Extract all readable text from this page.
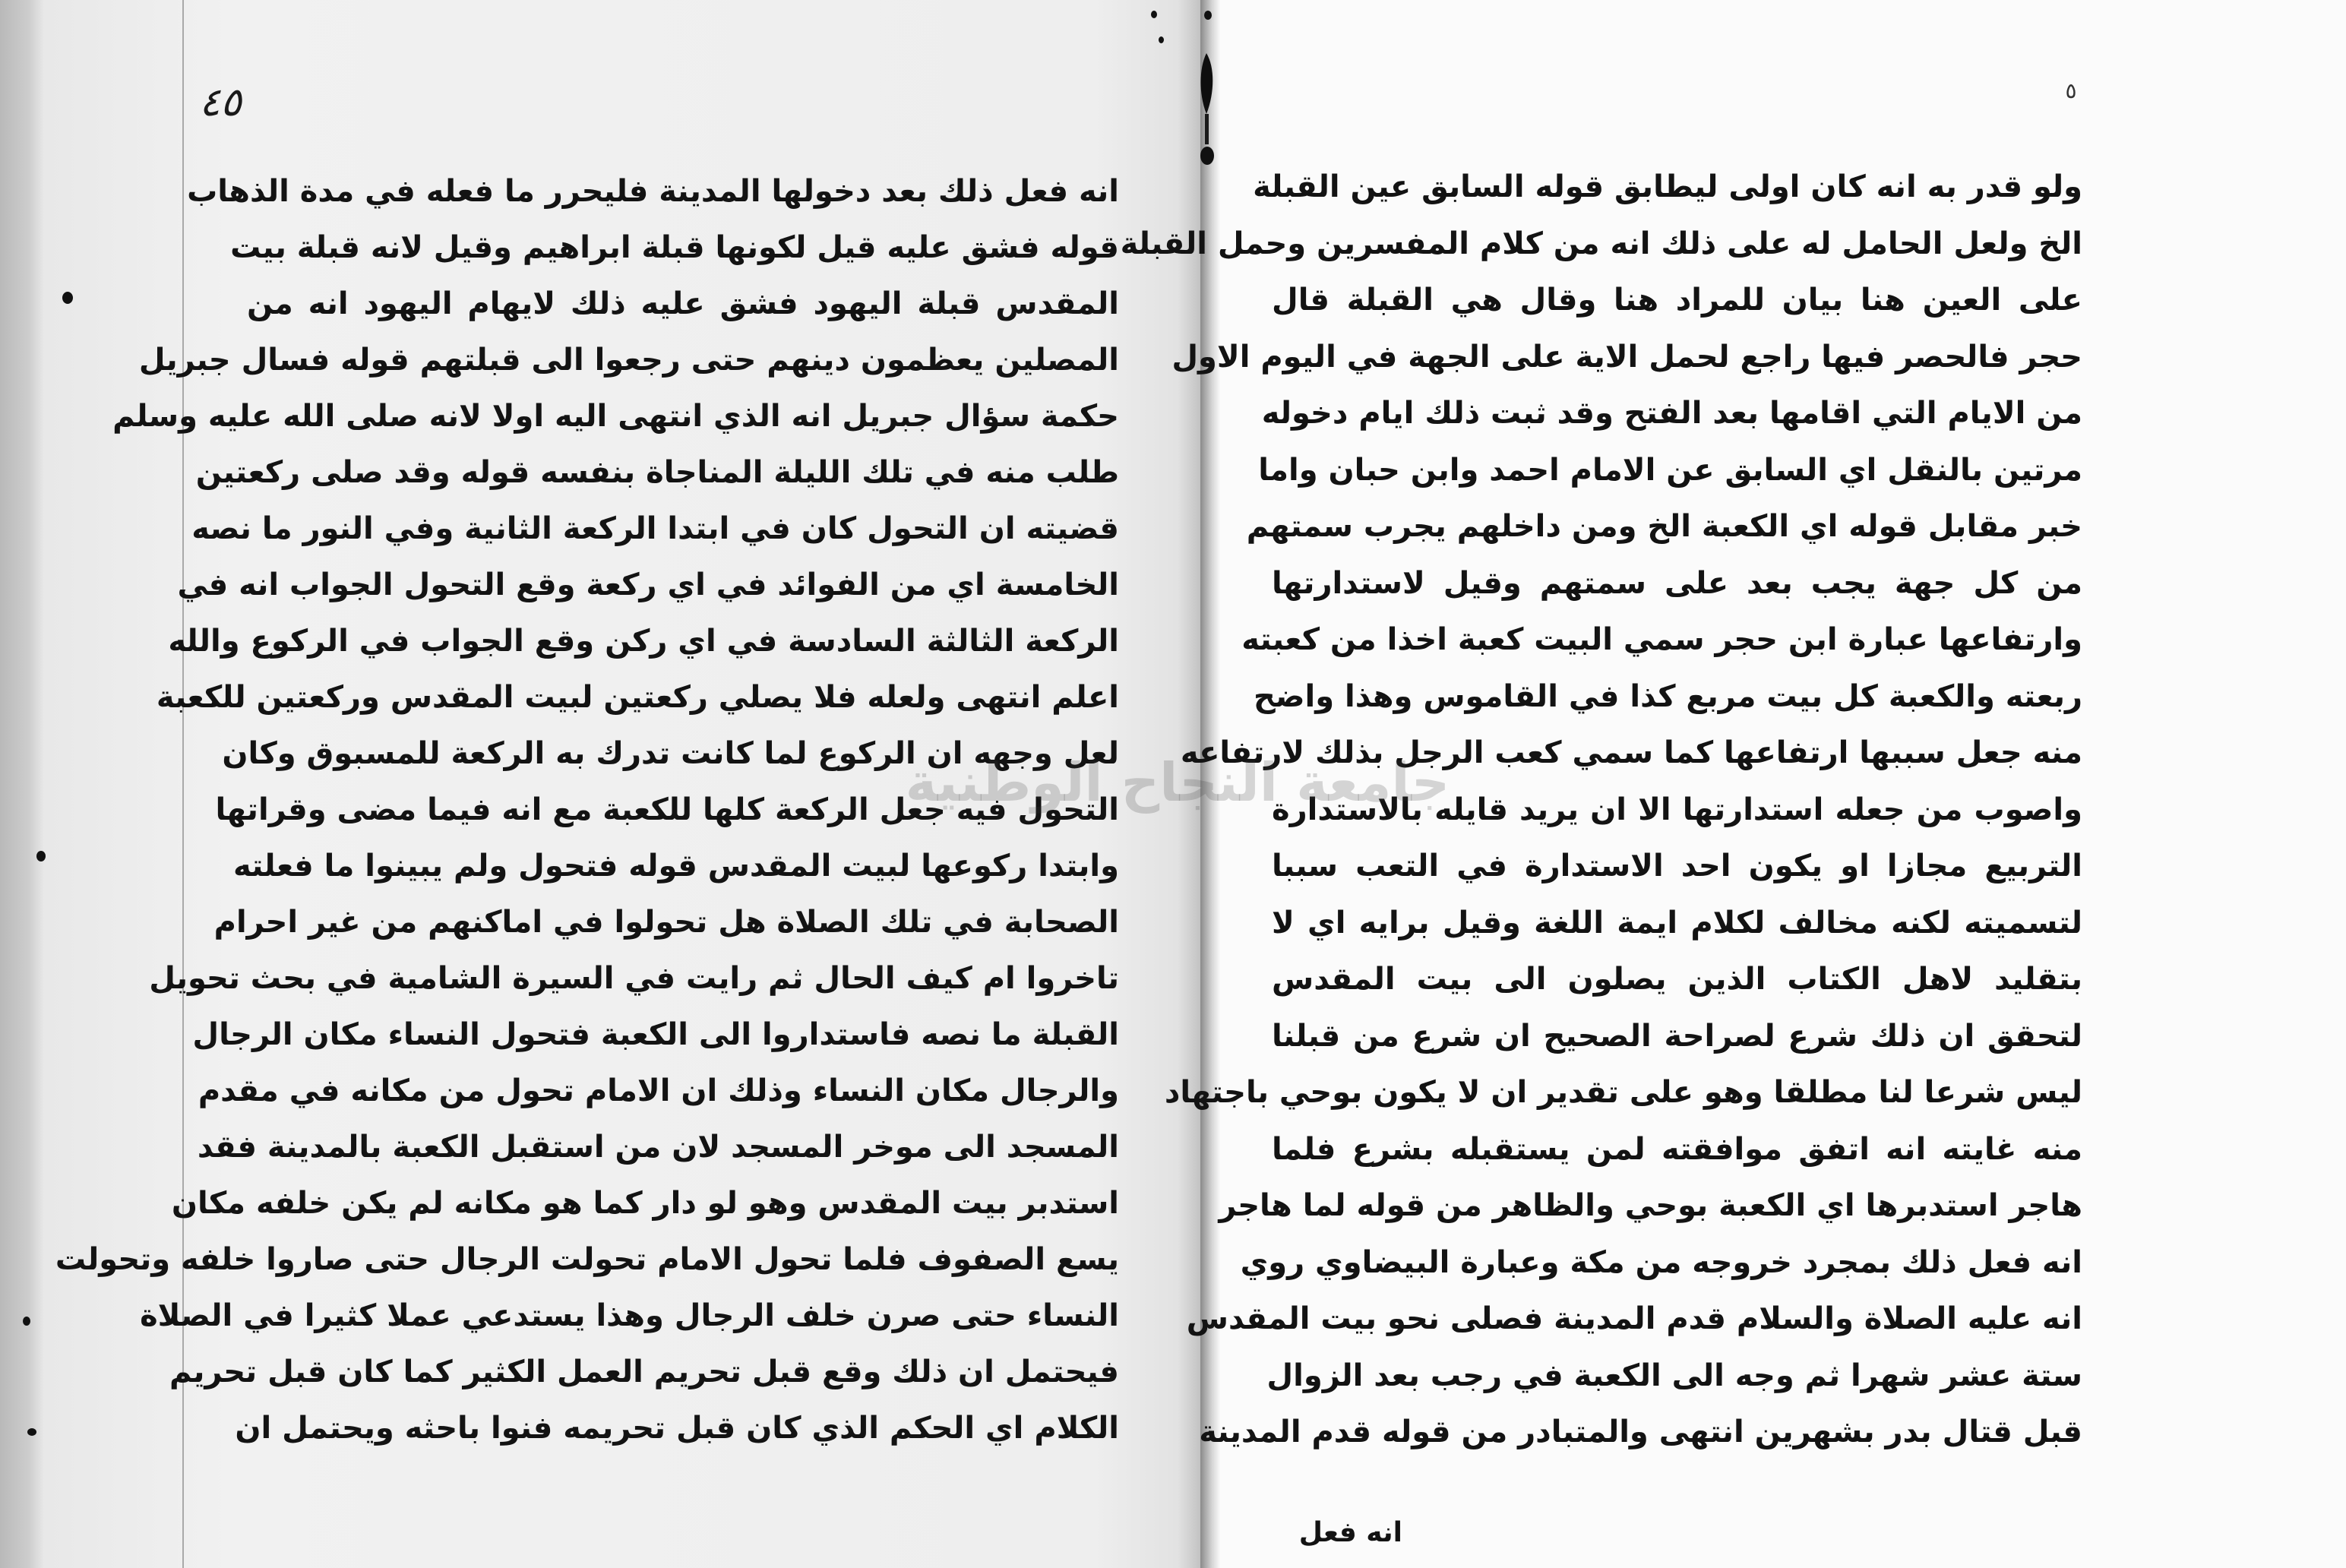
٤٥
انه فعل ذلك بعد دخولها المدينة فليحرر ما فعله في مدة الذهاب
قوله فشق عليه قيل لكونها قبلة ابراهيم وقيل لانه قبلة بيت
المقدس قبلة اليهود فشق عليه ذلك لايهام اليهود انه من
المصلين يعظمون دينهم حتى رجعوا الى قبلتهم قوله فسال جبريل
حكمة سؤال جبريل انه الذي انتهى اليه اولا لانه صلى الله عليه وسلم
طلب منه في تلك الليلة المناجاة بنفسه قوله وقد صلى ركعتين
قضيته ان التحول كان في ابتدا الركعة الثانية وفي النور ما نصه
الخامسة اي من الفوائد في اي ركعة وقع التحول الجواب انه في
الركعة الثالثة السادسة في اي ركن وقع الجواب في الركوع والله
اعلم انتهى ولعله فلا يصلي ركعتين لبيت المقدس وركعتين للكعبة
لعل وجهه ان الركوع لما كانت تدرك به الركعة للمسبوق وكان
التحول فيه جعل الركعة كلها للكعبة مع انه فيما مضى وقراتها
وابتدا ركوعها لبيت المقدس قوله فتحول ولم يبينوا ما فعلته
الصحابة في تلك الصلاة هل تحولوا في اماكنهم من غير احرام
تاخروا ام كيف الحال ثم رايت في السيرة الشامية في بحث تحويل
القبلة ما نصه فاستداروا الى الكعبة فتحول النساء مكان الرجال
والرجال مكان النساء وذلك ان الامام تحول من مكانه في مقدم
المسجد الى موخر المسجد لان من استقبل الكعبة بالمدينة فقد
استدبر بيت المقدس وهو لو دار كما هو مكانه لم يكن خلفه مكان
يسع الصفوف فلما تحول الامام تحولت الرجال حتى صاروا خلفه وتحولت
النساء حتى صرن خلف الرجال وهذا يستدعي عملا كثيرا في الصلاة
فيحتمل ان ذلك وقع قبل تحريم العمل الكثير كما كان قبل تحريم
الكلام اي الحكم الذي كان قبل تحريمه فنوا باحثه ويحتمل ان
٥
ولو قدر به انه كان اولى ليطابق قوله السابق عين القبلة
الخ ولعل الحامل له على ذلك انه من كلام المفسرين وحمل القبلة
على العين هنا بيان للمراد هنا وقال هي القبلة قال
حجر فالحصر فيها راجع لحمل الاية على الجهة في اليوم الاول
من الايام التي اقامها بعد الفتح وقد ثبت ذلك ايام دخوله
مرتين بالنقل اي السابق عن الامام احمد وابن حبان واما
خبر مقابل قوله اي الكعبة الخ ومن داخلهم يجرب سمتهم
من كل جهة يجب بعد على سمتهم وقيل لاستدارتها
وارتفاعها عبارة ابن حجر سمي البيت كعبة اخذا من كعبته
ربعته والكعبة كل بيت مربع كذا في القاموس وهذا واضح
منه جعل سببها ارتفاعها كما سمي كعب الرجل بذلك لارتفاعه
واصوب من جعله استدارتها الا ان يريد قايله بالاستدارة
التربيع مجازا او يكون احد الاستدارة في التعب سببا
لتسميته لكنه مخالف لكلام ايمة اللغة وقيل برايه اي لا
بتقليد لاهل الكتاب الذين يصلون الى بيت المقدس
لتحقق ان ذلك شرع لصراحة الصحيح ان شرع من قبلنا
ليس شرعا لنا مطلقا وهو على تقدير ان لا يكون بوحي باجتهاد
منه غايته انه اتفق موافقته لمن يستقبله بشرع فلما
هاجر استدبرها اي الكعبة بوحي والظاهر من قوله لما هاجر
انه فعل ذلك بمجرد خروجه من مكة وعبارة البيضاوي روي
انه عليه الصلاة والسلام قدم المدينة فصلى نحو بيت المقدس
ستة عشر شهرا ثم وجه الى الكعبة في رجب بعد الزوال
قبل قتال بدر بشهرين انتهى والمتبادر من قوله قدم المدينة
انه فعل
جامعة النجاح الوطنية
